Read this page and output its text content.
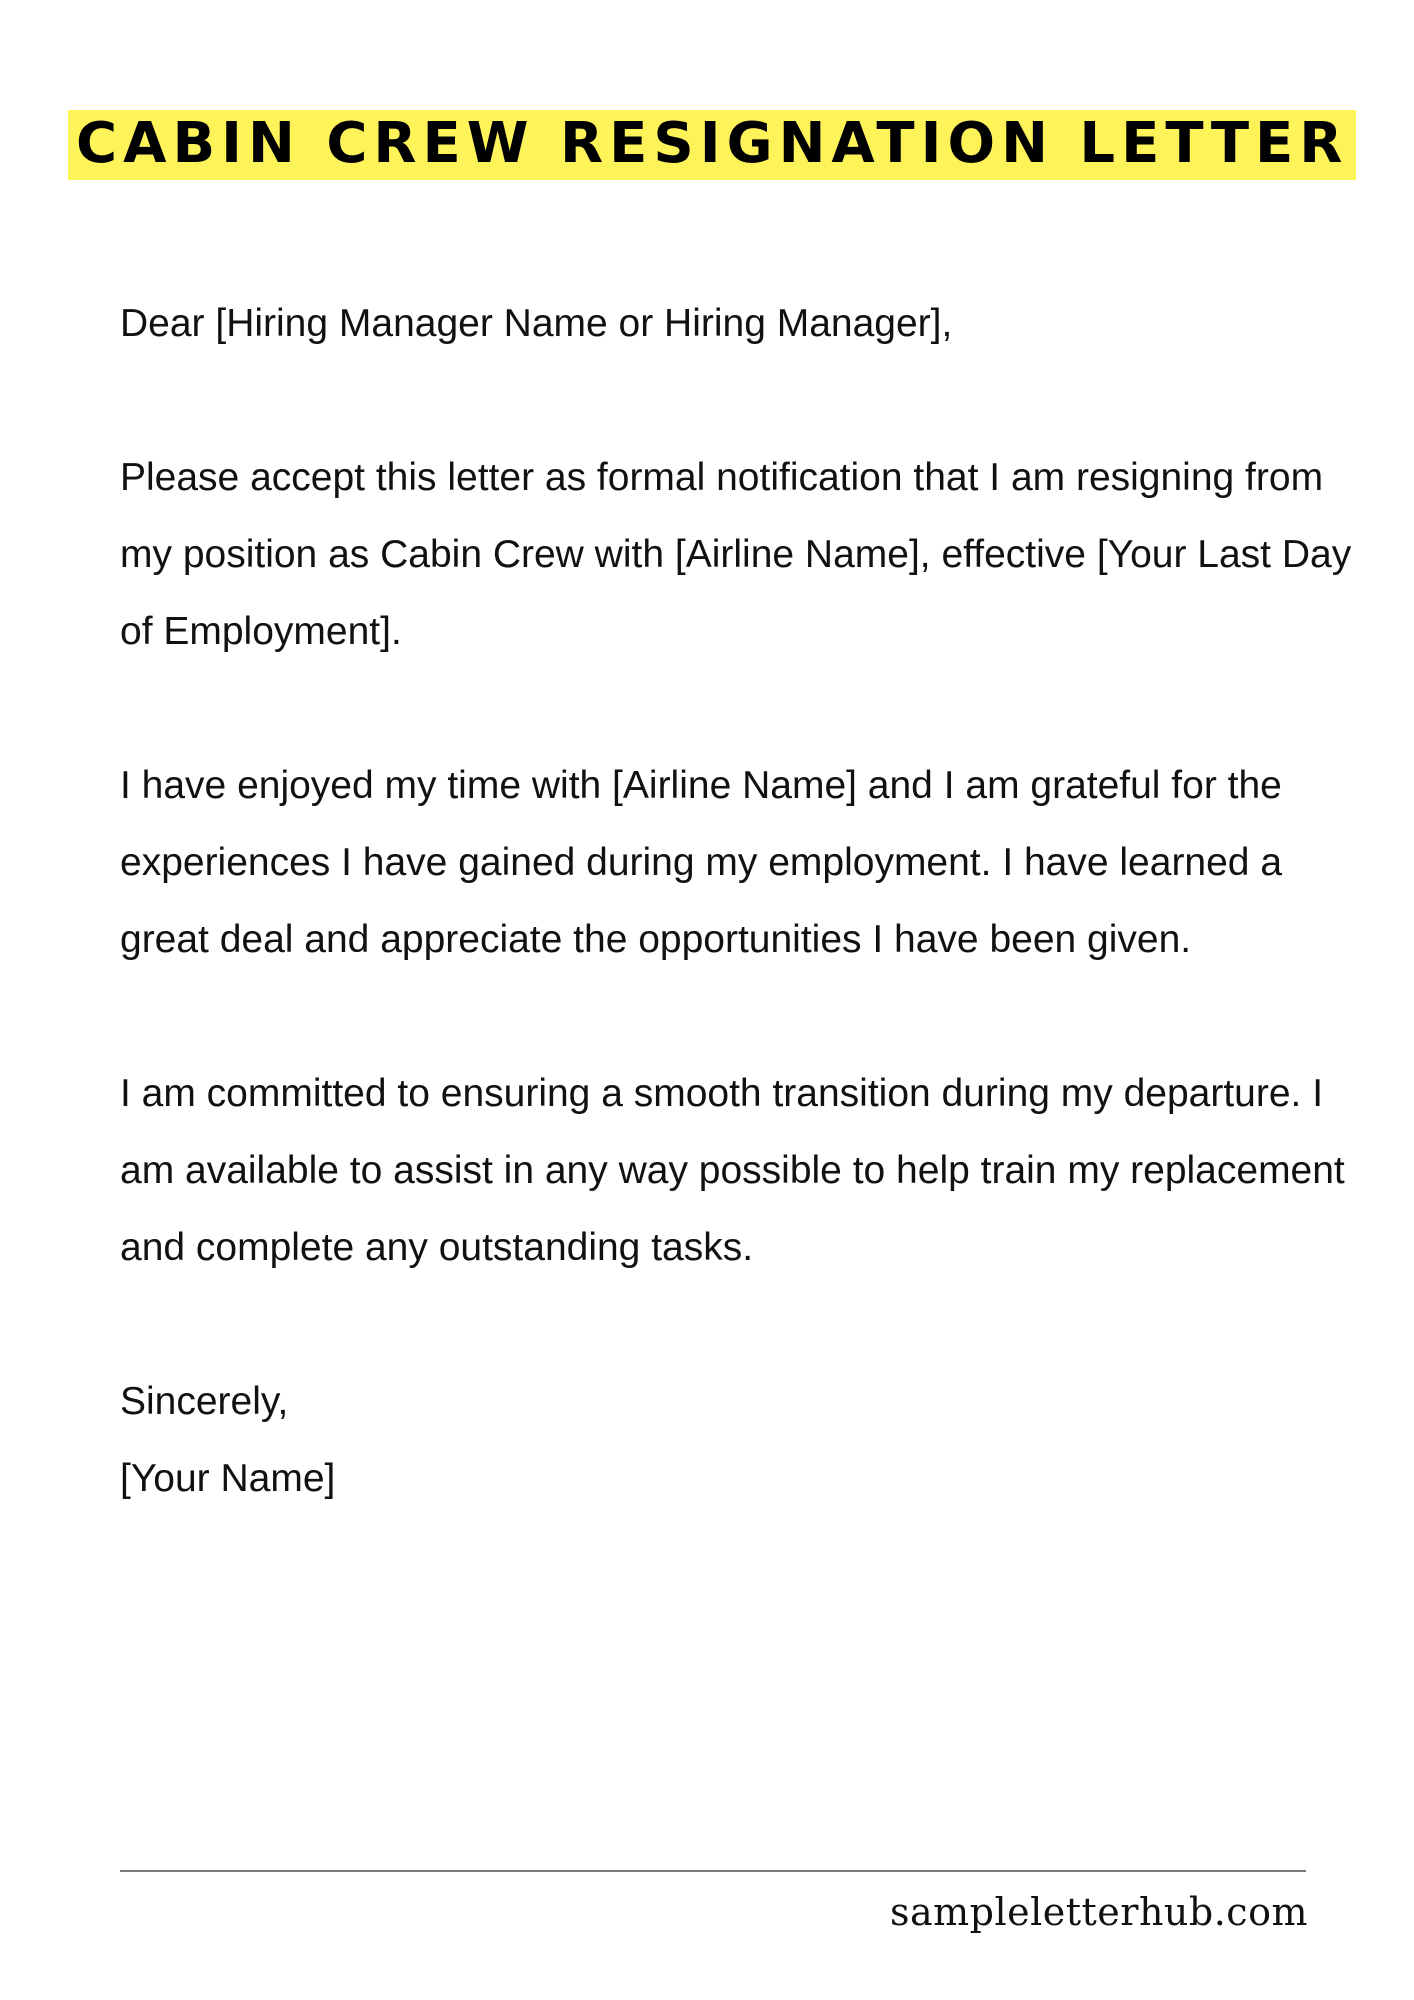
CABIN CREW RESIGNATION LETTER

Dear [Hiring Manager Name or Hiring Manager],

Please accept this letter as formal notification that I am resigning from my position as Cabin Crew with [Airline Name], effective [Your Last Day of Employment].

I have enjoyed my time with [Airline Name] and I am grateful for the experiences I have gained during my employment. I have learned a great deal and appreciate the opportunities I have been given.

I am committed to ensuring a smooth transition during my departure. I am available to assist in any way possible to help train my replacement and complete any outstanding tasks.

Sincerely,

[Your Name]

sampleletterhub.com
